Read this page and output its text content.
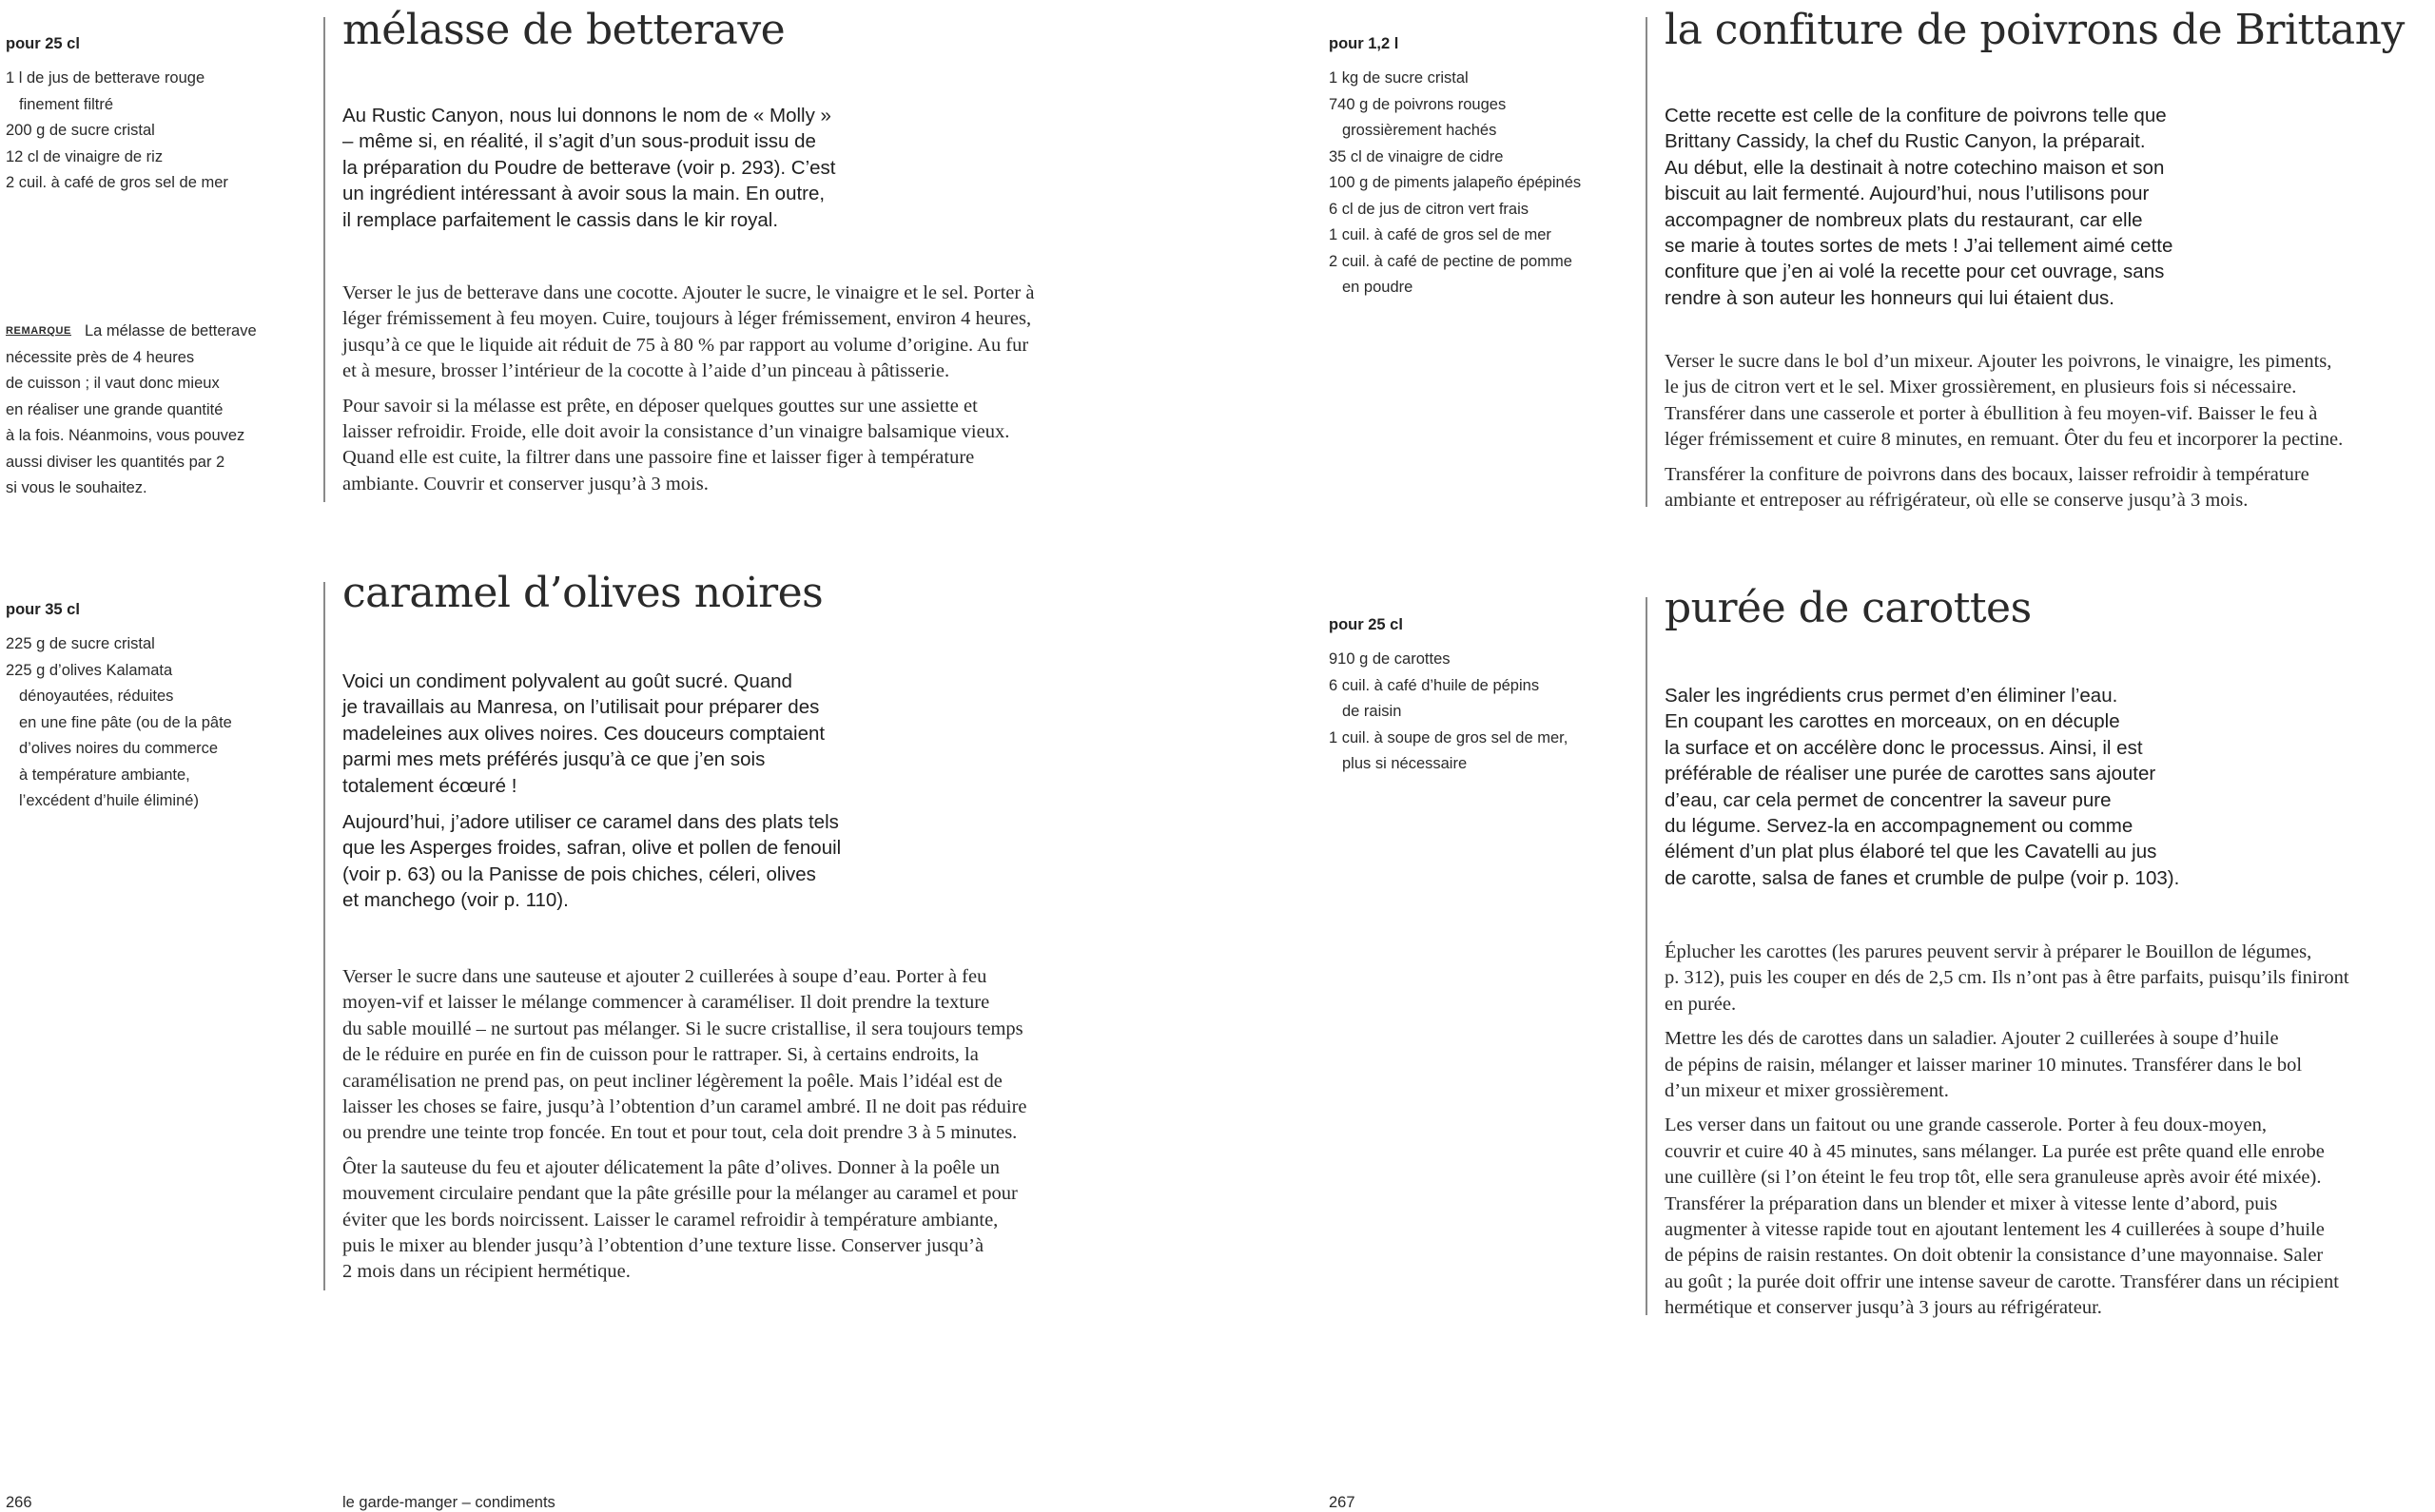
pour 25 cl
1 l de jus de betterave rouge
finement filtré
200 g de sucre cristal
12 cl de vinaigre de riz
2 cuil. à café de gros sel de mer
REMARQUE La mélasse de betterave
nécessite près de 4 heures
de cuisson ; il vaut donc mieux
en réaliser une grande quantité
à la fois. Néanmoins, vous pouvez
aussi diviser les quantités par 2
si vous le souhaitez.
mélasse de betterave
Au Rustic Canyon, nous lui donnons le nom de « Molly »
– même si, en réalité, il s’agit d’un sous-produit issu de
la préparation du Poudre de betterave (voir p. 293). C’est
un ingrédient intéressant à avoir sous la main. En outre,
il remplace parfaitement le cassis dans le kir royal.
Verser le jus de betterave dans une cocotte. Ajouter le sucre, le vinaigre et le sel. Porter à
léger frémissement à feu moyen. Cuire, toujours à léger frémissement, environ 4 heures,
jusqu’à ce que le liquide ait réduit de 75 à 80 % par rapport au volume d’origine. Au fur
et à mesure, brosser l’intérieur de la cocotte à l’aide d’un pinceau à pâtisserie.
Pour savoir si la mélasse est prête, en déposer quelques gouttes sur une assiette et
laisser refroidir. Froide, elle doit avoir la consistance d’un vinaigre balsamique vieux.
Quand elle est cuite, la filtrer dans une passoire fine et laisser figer à température
ambiante. Couvrir et conserver jusqu’à 3 mois.
pour 35 cl
225 g de sucre cristal
225 g d’olives Kalamata
dénoyautées, réduites
en une fine pâte (ou de la pâte
d’olives noires du commerce
à température ambiante,
l’excédent d’huile éliminé)
caramel d’olives noires
Voici un condiment polyvalent au goût sucré. Quand
je travaillais au Manresa, on l’utilisait pour préparer des
madeleines aux olives noires. Ces douceurs comptaient
parmi mes mets préférés jusqu’à ce que j’en sois
totalement écœuré !
Aujourd’hui, j’adore utiliser ce caramel dans des plats tels
que les Asperges froides, safran, olive et pollen de fenouil
(voir p. 63) ou la Panisse de pois chiches, céleri, olives
et manchego (voir p. 110).
Verser le sucre dans une sauteuse et ajouter 2 cuillerées à soupe d’eau. Porter à feu
moyen-vif et laisser le mélange commencer à caraméliser. Il doit prendre la texture
du sable mouillé – ne surtout pas mélanger. Si le sucre cristallise, il sera toujours temps
de le réduire en purée en fin de cuisson pour le rattraper. Si, à certains endroits, la
caramélisation ne prend pas, on peut incliner légèrement la poêle. Mais l’idéal est de
laisser les choses se faire, jusqu’à l’obtention d’un caramel ambré. Il ne doit pas réduire
ou prendre une teinte trop foncée. En tout et pour tout, cela doit prendre 3 à 5 minutes.
Ôter la sauteuse du feu et ajouter délicatement la pâte d’olives. Donner à la poêle un
mouvement circulaire pendant que la pâte grésille pour la mélanger au caramel et pour
éviter que les bords noircissent. Laisser le caramel refroidir à température ambiante,
puis le mixer au blender jusqu’à l’obtention d’une texture lisse. Conserver jusqu’à
2 mois dans un récipient hermétique.
266	le garde-manger – condiments
pour 1,2 l
1 kg de sucre cristal
740 g de poivrons rouges
grossièrement hachés
35 cl de vinaigre de cidre
100 g de piments jalapeño épépinés
6 cl de jus de citron vert frais
1 cuil. à café de gros sel de mer
2 cuil. à café de pectine de pomme
en poudre
la confiture de poivrons de Brittany
Cette recette est celle de la confiture de poivrons telle que
Brittany Cassidy, la chef du Rustic Canyon, la préparait.
Au début, elle la destinait à notre cotechino maison et son
biscuit au lait fermenté. Aujourd’hui, nous l’utilisons pour
accompagner de nombreux plats du restaurant, car elle
se marie à toutes sortes de mets ! J’ai tellement aimé cette
confiture que j’en ai volé la recette pour cet ouvrage, sans
rendre à son auteur les honneurs qui lui étaient dus.
Verser le sucre dans le bol d’un mixeur. Ajouter les poivrons, le vinaigre, les piments,
le jus de citron vert et le sel. Mixer grossièrement, en plusieurs fois si nécessaire.
Transférer dans une casserole et porter à ébullition à feu moyen-vif. Baisser le feu à
léger frémissement et cuire 8 minutes, en remuant. Ôter du feu et incorporer la pectine.
Transférer la confiture de poivrons dans des bocaux, laisser refroidir à température
ambiante et entreposer au réfrigérateur, où elle se conserve jusqu’à 3 mois.
pour 25 cl
910 g de carottes
6 cuil. à café d’huile de pépins
de raisin
1 cuil. à soupe de gros sel de mer,
plus si nécessaire
purée de carottes
Saler les ingrédients crus permet d’en éliminer l’eau.
En coupant les carottes en morceaux, on en décuple
la surface et on accélère donc le processus. Ainsi, il est
préférable de réaliser une purée de carottes sans ajouter
d’eau, car cela permet de concentrer la saveur pure
du légume. Servez-la en accompagnement ou comme
élément d’un plat plus élaboré tel que les Cavatelli au jus
de carotte, salsa de fanes et crumble de pulpe (voir p. 103).
Éplucher les carottes (les parures peuvent servir à préparer le Bouillon de légumes,
p. 312), puis les couper en dés de 2,5 cm. Ils n’ont pas à être parfaits, puisqu’ils finiront
en purée.
Mettre les dés de carottes dans un saladier. Ajouter 2 cuillerées à soupe d’huile
de pépins de raisin, mélanger et laisser mariner 10 minutes. Transférer dans le bol
d’un mixeur et mixer grossièrement.
Les verser dans un faitout ou une grande casserole. Porter à feu doux-moyen,
couvrir et cuire 40 à 45 minutes, sans mélanger. La purée est prête quand elle enrobe
une cuillère (si l’on éteint le feu trop tôt, elle sera granuleuse après avoir été mixée).
Transférer la préparation dans un blender et mixer à vitesse lente d’abord, puis
augmenter à vitesse rapide tout en ajoutant lentement les 4 cuillerées à soupe d’huile
de pépins de raisin restantes. On doit obtenir la consistance d’une mayonnaise. Saler
au goût ; la purée doit offrir une intense saveur de carotte. Transférer dans un récipient
hermétique et conserver jusqu’à 3 jours au réfrigérateur.
267
